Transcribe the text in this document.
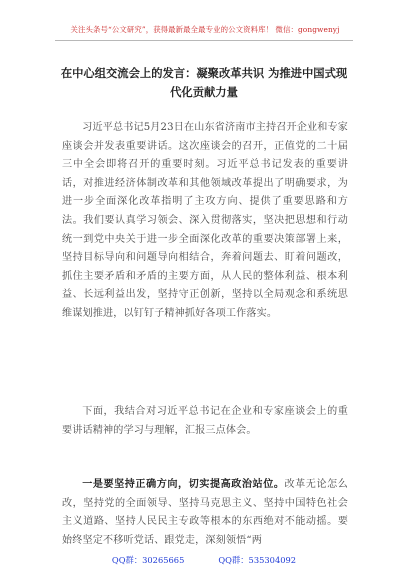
关注头条号“公文研究”，获得最新最全最专业的公文资料库！ 微信：gongwenyj
在中心组交流会上的发言：凝聚改革共识 为推进中国式现
代化贡献力量

习近平总书记5月23日在山东省济南市主持召开企业和专家座谈会并发表重要讲话。这次座谈会的召开，正值党的二十届三中全会即将召开的重要时刻。习近平总书记发表的重要讲话，对推进经济体制改革和其他领域改革提出了明确要求，为进一步全面深化改革指明了主攻方向、提供了重要思路和方法。我们要认真学习领会、深入贯彻落实，坚决把思想和行动统一到党中央关于进一步全面深化改革的重要决策部署上来，坚持目标导向和问题导向相结合，奔着问题去、盯着问题改，抓住主要矛盾和矛盾的主要方面，从人民的整体利益、根本利益、长远利益出发，坚持守正创新，坚持以全局观念和系统思维谋划推进，以钉钉子精神抓好各项工作落实。

下面，我结合对习近平总书记在企业和专家座谈会上的重要讲话精神的学习与理解，汇报三点体会。

一是要坚持正确方向，切实提高政治站位。改革无论怎么改，坚持党的全面领导、坚持马克思主义、坚持中国特色社会主义道路、坚持人民民主专政等根本的东西绝对不能动摇。要始终坚定不移听党话、跟党走，深刻领悟“两

QQ群：30265665	QQ群：535304092
